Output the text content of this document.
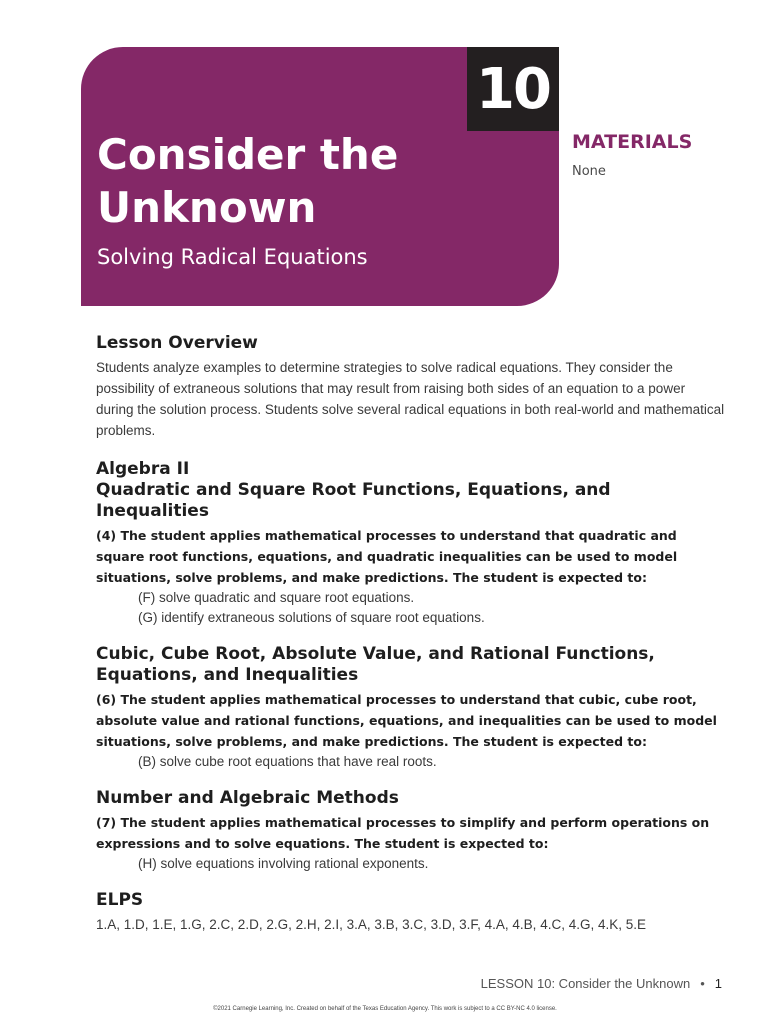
10
Consider the
Unknown
Solving Radical Equations
MATERIALS
None
Lesson Overview

Students analyze examples to determine strategies to solve radical equations. They consider the possibility of extraneous solutions that may result from raising both sides of an equation to a power during the solution process. Students solve several radical equations in both real-world and mathematical problems.

Algebra II
Quadratic and Square Root Functions, Equations, and Inequalities

(4) The student applies mathematical processes to understand that quadratic and square root functions, equations, and quadratic inequalities can be used to model situations, solve problems, and make predictions. The student is expected to:

(F) solve quadratic and square root equations.

(G) identify extraneous solutions of square root equations.

Cubic, Cube Root, Absolute Value, and Rational Functions, Equations, and Inequalities

(6) The student applies mathematical processes to understand that cubic, cube root, absolute value and rational functions, equations, and inequalities can be used to model situations, solve problems, and make predictions. The student is expected to:

(B) solve cube root equations that have real roots.

Number and Algebraic Methods

(7) The student applies mathematical processes to simplify and perform operations on expressions and to solve equations. The student is expected to:

(H) solve equations involving rational exponents.

ELPS

1.A, 1.D, 1.E, 1.G, 2.C, 2.D, 2.G, 2.H, 2.I, 3.A, 3.B, 3.C, 3.D, 3.F, 4.A, 4.B, 4.C, 4.G, 4.K, 5.E

LESSON 10: Consider the Unknown • 1
©2021 Carnegie Learning, Inc. Created on behalf of the Texas Education Agency. This work is subject to a CC BY-NC 4.0 license.
